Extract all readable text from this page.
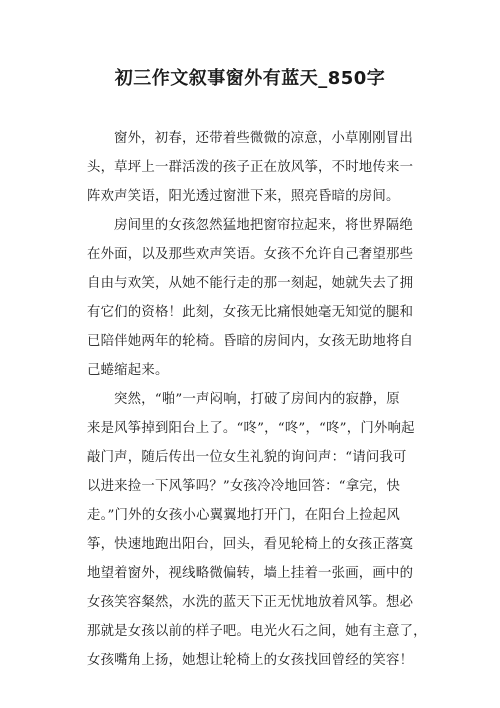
初三作文叙事窗外有蓝天_850字
窗外，初春，还带着些微微的凉意，小草刚刚冒出
头，草坪上一群活泼的孩子正在放风筝，不时地传来一
阵欢声笑语，阳光透过窗泄下来，照亮昏暗的房间。
房间里的女孩忽然猛地把窗帘拉起来，将世界隔绝
在外面，以及那些欢声笑语。女孩不允许自己奢望那些
自由与欢笑，从她不能行走的那一刻起，她就失去了拥
有它们的资格！此刻，女孩无比痛恨她毫无知觉的腿和
已陪伴她两年的轮椅。昏暗的房间内，女孩无助地将自
己蜷缩起来。
突然，“啪”一声闷响，打破了房间内的寂静，原
来是风筝掉到阳台上了。“咚”，“咚”，“咚”，门外响起
敲门声，随后传出一位女生礼貌的询问声：“请问我可
以进来捡一下风筝吗？”女孩冷冷地回答：“拿完，快
走。”门外的女孩小心翼翼地打开门，在阳台上捡起风
筝，快速地跑出阳台，回头，看见轮椅上的女孩正落寞
地望着窗外，视线略微偏转，墙上挂着一张画，画中的
女孩笑容粲然，水洗的蓝天下正无忧地放着风筝。想必
那就是女孩以前的样子吧。电光火石之间，她有主意了，
女孩嘴角上扬，她想让轮椅上的女孩找回曾经的笑容！
